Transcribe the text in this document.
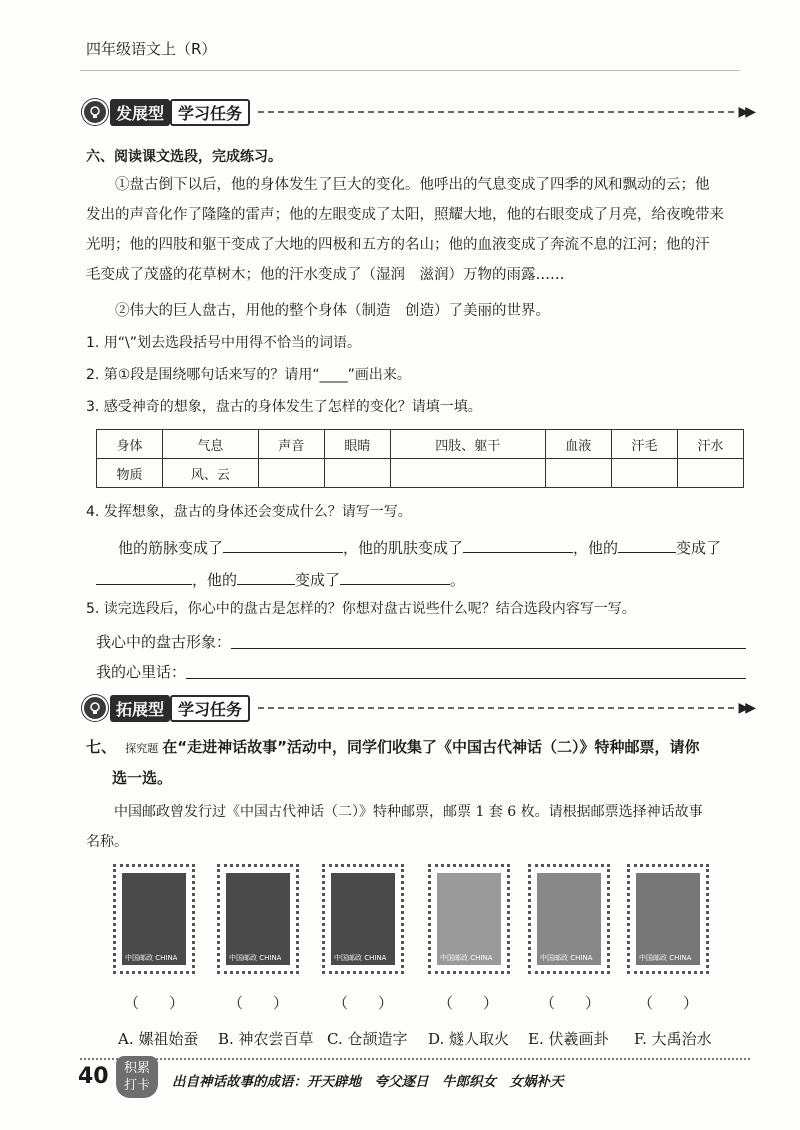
四年级语文上（R）
发展型 学习任务	▶▶
六、阅读课文选段，完成练习。
①盘古倒下以后，他的身体发生了巨大的变化。他呼出的气息变成了四季的风和飘动的云；他
发出的声音化作了隆隆的雷声；他的左眼变成了太阳，照耀大地，他的右眼变成了月亮，给夜晚带来
光明；他的四肢和躯干变成了大地的四极和五方的名山；他的血液变成了奔流不息的江河；他的汗
毛变成了茂盛的花草树木；他的汗水变成了（湿润　滋润）万物的雨露……
②伟大的巨人盘古，用他的整个身体（制造　创造）了美丽的世界。
1. 用“\”划去选段括号中用得不恰当的词语。
2. 第①段是围绕哪句话来写的？请用“____”画出来。
3. 感受神奇的想象，盘古的身体发生了怎样的变化？请填一填。
身体	气息	声音	眼睛	四肢、躯干	血液	汗毛	汗水
物质	风、云						
4. 发挥想象，盘古的身体还会变成什么？请写一写。
他的筋脉变成了	，他的肌肤变成了	，他的	变成了
，他的	变成了	。
5. 读完选段后，你心中的盘古是怎样的？你想对盘古说些什么呢？结合选段内容写一写。
我心中的盘古形象：
我的心里话：
拓展型 学习任务	▶▶
七、 探究题 在“走进神话故事”活动中，同学们收集了《中国古代神话（二）》特种邮票，请你
选一选。
中国邮政曾发行过《中国古代神话（二）》特种邮票，邮票 1 套 6 枚。请根据邮票选择神话故事
名称。
中国邮政 CHINA	中国邮政 CHINA	中国邮政 CHINA	中国邮政 CHINA	中国邮政 CHINA	中国邮政 CHINA
（　　）	（　　）	（　　）	（　　）	（　　）	（　　）
A. 嫘祖始蚕 B. 神农尝百草 C. 仓颉造字 D. 燧人取火 E. 伏羲画卦 F. 大禹治水
40	积累
打卡	出自神话故事的成语：开天辟地　夸父逐日　牛郎织女　女娲补天
